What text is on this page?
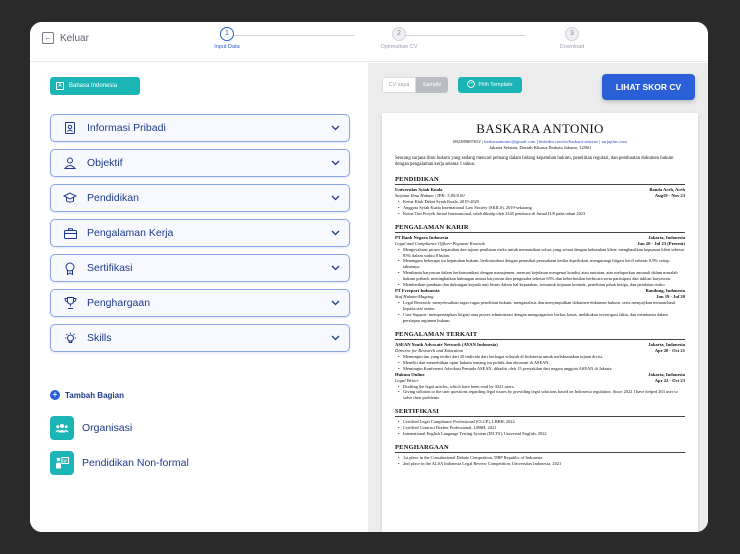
← Keluar	1
Input Data
2
Optimalkan CV
3
Download
A	Bahasa Indonesia
Informasi Pribadi
Objektif
Pendidikan
Pengalaman Kerja
Sertifikasi
Penghargaan
Skills
+ Tambah Bagian
Organisasi
Pendidikan Non-formal
CV saya	Sample	Pilih Template	LIHAT SKOR CV
BASKARA ANTONIO
082389007652 | baskaraantonio@gmail.com | linkedin.com/in/baskara-antonio | sarjaplus.com
Jakarta Selatan, Daerah Khusus Ibukota Jakarta, 12560
Seorang sarjana ilmu hukum yang sedang mencari peluang dalam bidang kepatuhan hukum, penelitian regulasi, dan pembuatan dokumen hukum dengan pengalaman kerja selama 1 tahun.
PENDIDIKAN
Universitas Syiah Kuala	Banda Aceh, Aceh
Sarjana Ilmu Hukum | IPK: 3,85/4.00	Aug19 - Nov 23
• Ketua Klub Debat Syiah Kuala, 2019-2029
• Anggota Syiah Kuala International Law Society (SKILS), 2019-sekarang
• Ketua Tim Proyek Jurnal Internasional, telah dikutip oleh 2345 pembaca di Jurnal IUS pada tahun 2023
PENGALAMAN KARIR
PT Bank Negara Indonesia	Jakarta, Indonesia
Legal and Compliance Officer-Pegawai Kontrak	Jun 20 - Jul 23 (Present)
• Mengevaluasi proses kepatuhan dan tujuan penilaian risiko untuk memastikan solusi yang sesuai dengan kebutuhan klien: menghasilkan kepuasan klien sebesar 85% dalam waktu 8 bulan.
• Menangani beberapa isu kepatuhan hukum, berkonsultasi dengan penasihat perusahaan ketika diperlukan, mengurangi litigasi kecil sebesar 8,9% setiap tahunnya.
• Membantu karyawan dalam berkomunikasi dengan manajemen, mencari kejelasan mengenai kondisi atau tuntutan, atas melaporkan anomali dalam masalah hukum pribadi, meningkatkan hubungan antara karyawan dan pengusaha sebesar 65% dan keberhasilan berbicara serta partisipasi dan inklusi karyawan.
• Memberikan panduan dan dukungan kepada unit bisnis dalam hal kepatuhan, termasuk tinjauan kontrak, penelitian pihak ketiga, dan penilaian risiko.
PT Freeport Indonesia	Bandung, Indonesia
Staf Hukum-Magang	Jun 19 - Jul 20
• Legal Research: menyelesaikan tugas-tugas penelitian hukum, menganalisis dan menyimpulkan dokumen-dokumen hukum, serta menyajikan temuan/hasil kepada staf senior.
• Case Support: mempersiapkan litigasi atau proses administrasi dengan mengorganisir berkas kasus, melakukan investigasi fakta, dan membantu dalam persiapan argumen hukum.
PENGALAMAN TERKAIT
ASEAN Youth Advocate Network (AYAN Indonesia)	Jakarta, Indonesia
Director for Research and Education	Apr 20 - Oct 21
• Memimpin tim yang terdiri dari 20 individu dari berbagai wilayah di Indonesia untuk melaksanakan tujuan divisi.
• Meneliti dan menerbitkan opini hukum tentang isu politik dan ekonomi di ASEAN.
• Memimpin Konferensi Advokasi Pemuda ASEAN, dihadiri oleh 15 perwakilan dari negara anggota ASEAN di Jakarta.
Hukum Online	Jakarta, Indonesia
Legal Writer	Apr 22 - Oct 23
• Drafting the legal articles, which have been read by 4321 users.
• Giving solution to the user questions regarding legal issues by providing legal solutions based on Indonesia regulation. Since 2022 I have helped 263 user to solve their problems.
SERTIFIKASI
• Certified Legal Compliance Professional (CLCP), LBBH, 2022
• Certified Contract Drafter Professional, LBBH, 2021
• International English Language Testing System (IELTS), Universal English, 2022
PENGHARGAAN
• 1st place in the Constitutional Debate Competition, DRP Republic of Indonesia
• 2nd place in the ALSA Indonesia Legal Review Competition, Universitas Indonesia, 2021
